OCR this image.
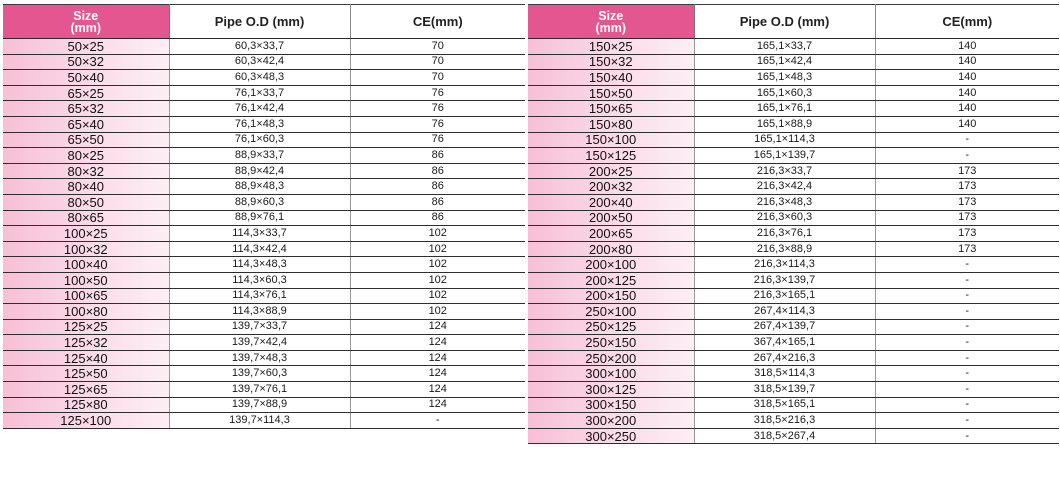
Size
(mm)	Pipe O.D (mm)	CE(mm)
50×25	60,3×33,7	70
50×32	60,3×42,4	70
50×40	60,3×48,3	70
65×25	76,1×33,7	76
65×32	76,1×42,4	76
65×40	76,1×48,3	76
65×50	76,1×60,3	76
80×25	88,9×33,7	86
80×32	88,9×42,4	86
80×40	88,9×48,3	86
80×50	88,9×60,3	86
80×65	88,9×76,1	86
100×25	114,3×33,7	102
100×32	114,3×42,4	102
100×40	114,3×48,3	102
100×50	114,3×60,3	102
100×65	114,3×76,1	102
100×80	114,3×88,9	102
125×25	139,7×33,7	124
125×32	139,7×42,4	124
125×40	139,7×48,3	124
125×50	139,7×60,3	124
125×65	139,7×76,1	124
125×80	139,7×88,9	124
125×100	139,7×114,3	-
Size
(mm)	Pipe O.D (mm)	CE(mm)
150×25	165,1×33,7	140
150×32	165,1×42,4	140
150×40	165,1×48,3	140
150×50	165,1×60,3	140
150×65	165,1×76,1	140
150×80	165,1×88,9	140
150×100	165,1×114,3	-
150×125	165,1×139,7	-
200×25	216,3×33,7	173
200×32	216,3×42,4	173
200×40	216,3×48,3	173
200×50	216,3×60,3	173
200×65	216,3×76,1	173
200×80	216,3×88,9	173
200×100	216,3×114,3	-
200×125	216,3×139,7	-
200×150	216,3×165,1	-
250×100	267,4×114,3	-
250×125	267,4×139,7	-
250×150	367,4×165,1	-
250×200	267,4×216,3	-
300×100	318,5×114,3	-
300×125	318,5×139,7	-
300×150	318,5×165,1	-
300×200	318,5×216,3	-
300×250	318,5×267,4	-
